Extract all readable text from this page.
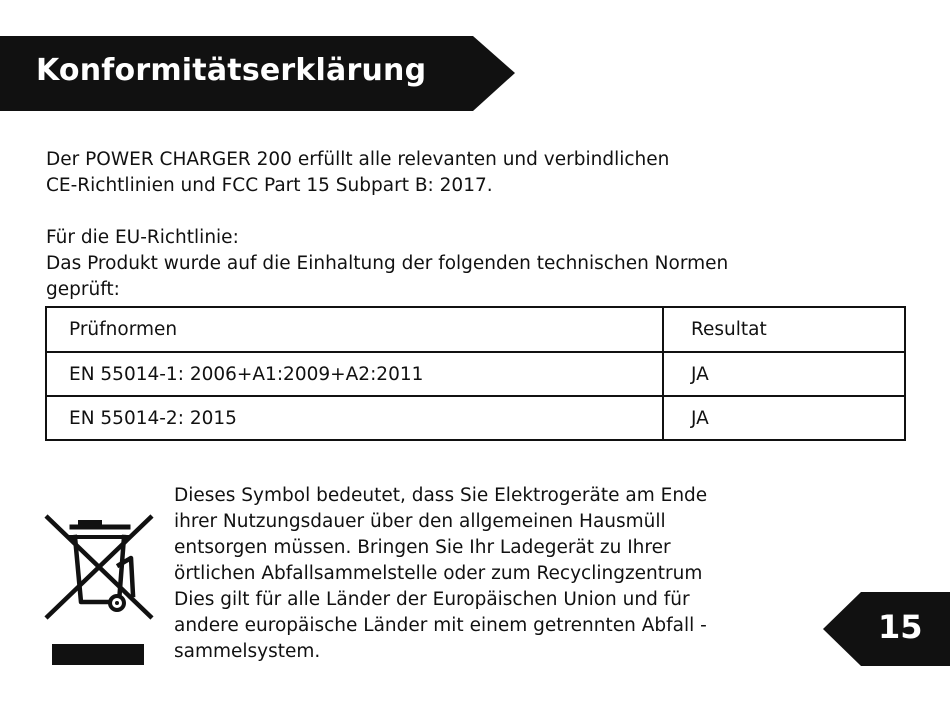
Konformitätserklärung
Der POWER CHARGER 200 erfüllt alle relevanten und verbindlichen
CE-Richtlinien und FCC Part 15 Subpart B: 2017.
Für die EU-Richtlinie:
Das Produkt wurde auf die Einhaltung der folgenden technischen Normen
geprüft:
Prüfnormen	Resultat
EN 55014-1: 2006+A1:2009+A2:2011	JA
EN 55014-2: 2015	JA
Dieses Symbol bedeutet, dass Sie Elektrogeräte am Ende
ihrer Nutzungsdauer über den allgemeinen Hausmüll
entsorgen müssen. Bringen Sie Ihr Ladegerät zu Ihrer
örtlichen Abfallsammelstelle oder zum Recyclingzentrum
Dies gilt für alle Länder der Europäischen Union und für
andere europäische Länder mit einem getrennten Abfall -
sammelsystem.
15
